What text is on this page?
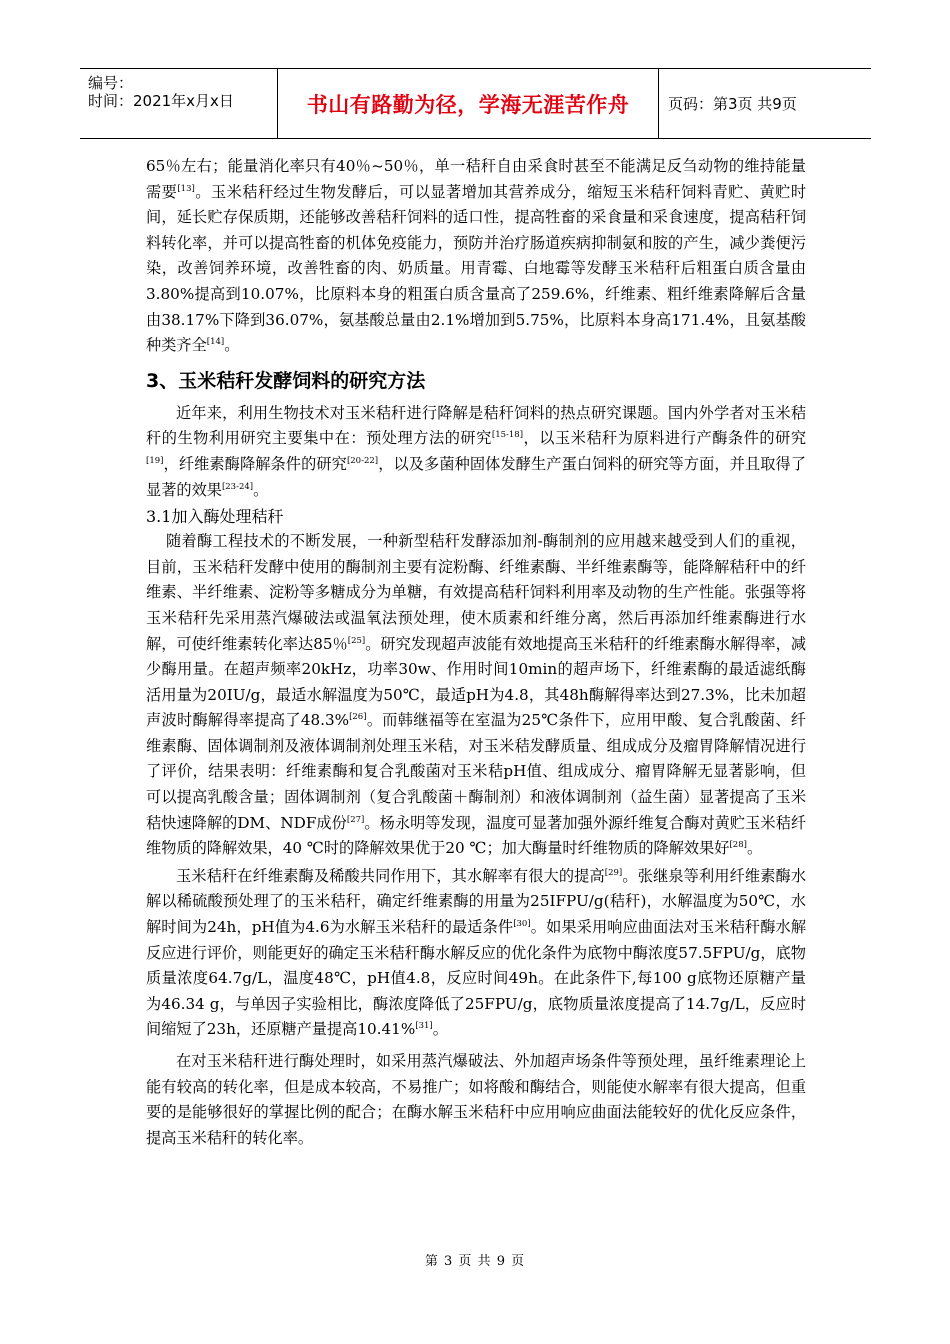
编号：
时间：2021年x月x日	书山有路勤为径，学海无涯苦作舟	页码：第3页 共9页

65％左右；能量消化率只有40％~50％，单一秸秆自由采食时甚至不能满足反刍动物的维持能量需要[13]。玉米秸秆经过生物发酵后，可以显著增加其营养成分，缩短玉米秸秆饲料青贮、黄贮时间，延长贮存保质期，还能够改善秸秆饲料的适口性，提高牲畜的采食量和采食速度，提高秸秆饲料转化率，并可以提高牲畜的机体免疫能力，预防并治疗肠道疾病抑制氨和胺的产生，减少粪便污染，改善饲养环境，改善牲畜的肉、奶质量。用青霉、白地霉等发酵玉米秸秆后粗蛋白质含量由3.80%提高到10.07%，比原料本身的粗蛋白质含量高了259.6%，纤维素、粗纤维素降解后含量由38.17%下降到36.07%，氨基酸总量由2.1%增加到5.75%，比原料本身高171.4%，且氨基酸种类齐全[14]。

3、玉米秸秆发酵饲料的研究方法

近年来，利用生物技术对玉米秸秆进行降解是秸秆饲料的热点研究课题。国内外学者对玉米秸秆的生物利用研究主要集中在：预处理方法的研究[15-18]，以玉米秸秆为原料进行产酶条件的研究[19]，纤维素酶降解条件的研究[20-22]，以及多菌种固体发酵生产蛋白饲料的研究等方面，并且取得了显著的效果[23-24]。

3.1加入酶处理秸秆

随着酶工程技术的不断发展，一种新型秸秆发酵添加剂-酶制剂的应用越来越受到人们的重视，目前，玉米秸秆发酵中使用的酶制剂主要有淀粉酶、纤维素酶、半纤维素酶等，能降解秸秆中的纤维素、半纤维素、淀粉等多糖成分为单糖，有效提高秸秆饲料利用率及动物的生产性能。张强等将玉米秸秆先采用蒸汽爆破法或温氧法预处理，使木质素和纤维分离，然后再添加纤维素酶进行水解，可使纤维素转化率达85％[25]。研究发现超声波能有效地提高玉米秸秆的纤维素酶水解得率，减少酶用量。在超声频率20kHz，功率30w、作用时间10min的超声场下，纤维素酶的最适滤纸酶活用量为20IU/g，最适水解温度为50℃，最适pH为4.8，其48h酶解得率达到27.3%，比未加超声波时酶解得率提高了48.3%[26]。而韩继福等在室温为25℃条件下，应用甲酸、复合乳酸菌、纤维素酶、固体调制剂及液体调制剂处理玉米秸，对玉米秸发酵质量、组成成分及瘤胃降解情况进行了评价，结果表明：纤维素酶和复合乳酸菌对玉米秸pH值、组成成分、瘤胃降解无显著影响，但可以提高乳酸含量；固体调制剂（复合乳酸菌＋酶制剂）和液体调制剂（益生菌）显著提高了玉米秸快速降解的DM、NDF成份[27]。杨永明等发现，温度可显著加强外源纤维复合酶对黄贮玉米秸纤维物质的降解效果，40 ℃时的降解效果优于20 ℃；加大酶量时纤维物质的降解效果好[28]。

玉米秸秆在纤维素酶及稀酸共同作用下，其水解率有很大的提高[29]。张继泉等利用纤维素酶水解以稀硫酸预处理了的玉米秸秆，确定纤维素酶的用量为25IFPU/g(秸秆)，水解温度为50℃，水解时间为24h，pH值为4.6为水解玉米秸秆的最适条件[30]。如果采用响应曲面法对玉米秸秆酶水解反应进行评价，则能更好的确定玉米秸秆酶水解反应的优化条件为底物中酶浓度57.5FPU/g，底物质量浓度64.7g/L，温度48℃，pH值4.8，反应时间49h。在此条件下,每100 g底物还原糖产量为46.34 g，与单因子实验相比，酶浓度降低了25FPU/g，底物质量浓度提高了14.7g/L，反应时间缩短了23h，还原糖产量提高10.41%[31]。

在对玉米秸秆进行酶处理时，如采用蒸汽爆破法、外加超声场条件等预处理，虽纤维素理论上能有较高的转化率，但是成本较高，不易推广；如将酸和酶结合，则能使水解率有很大提高，但重要的是能够很好的掌握比例的配合；在酶水解玉米秸秆中应用响应曲面法能较好的优化反应条件，提高玉米秸秆的转化率。

第 3 页 共 9 页
